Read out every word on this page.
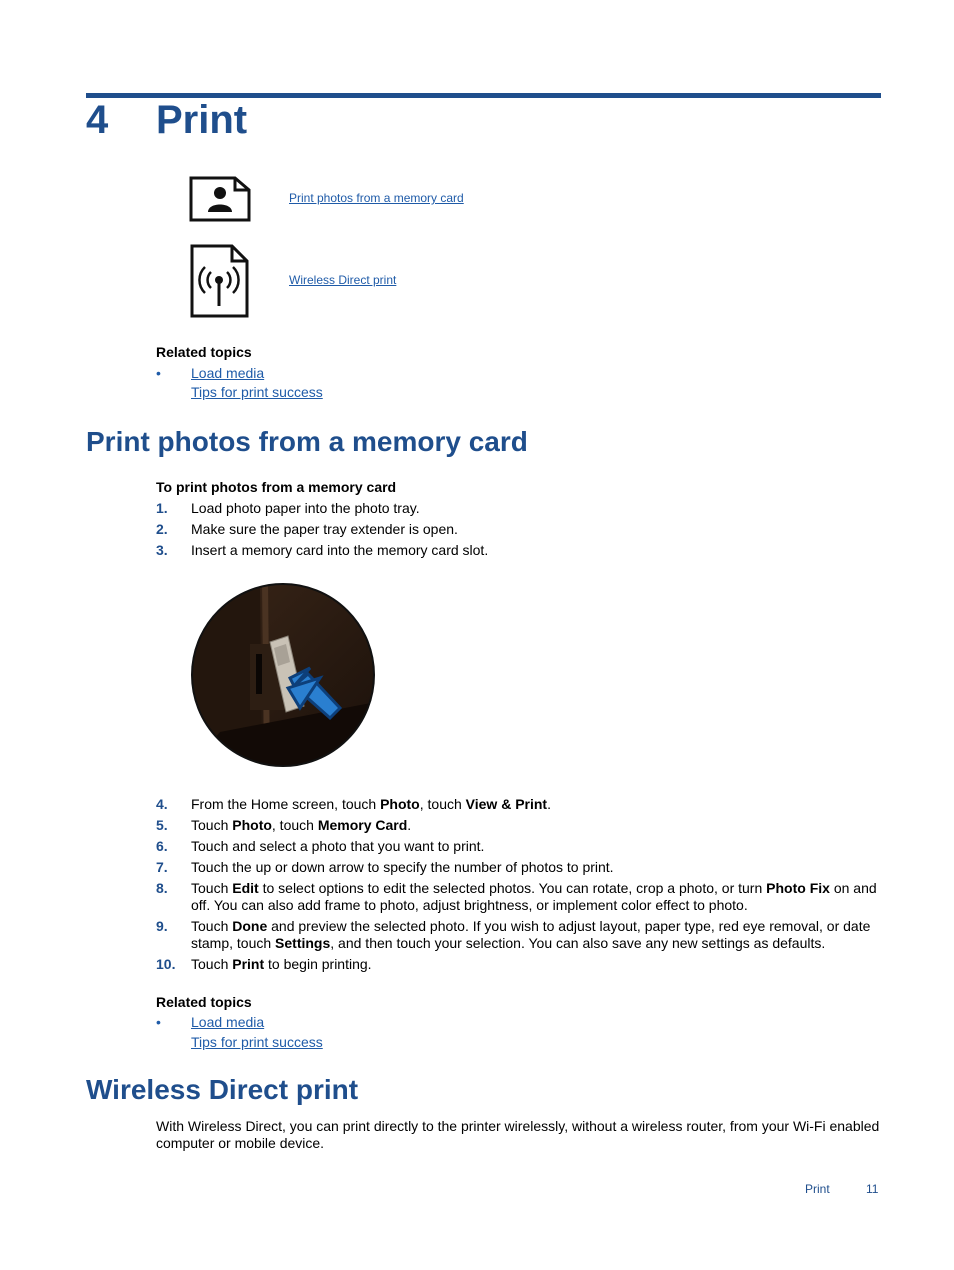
4 Print
Print photos from a memory card
Wireless Direct print
Related topics
• Load media
Tips for print success
Print photos from a memory card
To print photos from a memory card
1. Load photo paper into the photo tray.
2. Make sure the paper tray extender is open.
3. Insert a memory card into the memory card slot.
4. From the Home screen, touch Photo, touch View & Print.
5. Touch Photo, touch Memory Card.
6. Touch and select a photo that you want to print.
7. Touch the up or down arrow to specify the number of photos to print.
8. Touch Edit to select options to edit the selected photos. You can rotate, crop a photo, or turn Photo Fix on and off. You can also add frame to photo, adjust brightness, or implement color effect to photo.
9. Touch Done and preview the selected photo. If you wish to adjust layout, paper type, red eye removal, or date stamp, touch Settings, and then touch your selection. You can also save any new settings as defaults.
10. Touch Print to begin printing.
Related topics
• Load media
Tips for print success
Wireless Direct print
With Wireless Direct, you can print directly to the printer wirelessly, without a wireless router, from your Wi-Fi enabled computer or mobile device.
Print	11
